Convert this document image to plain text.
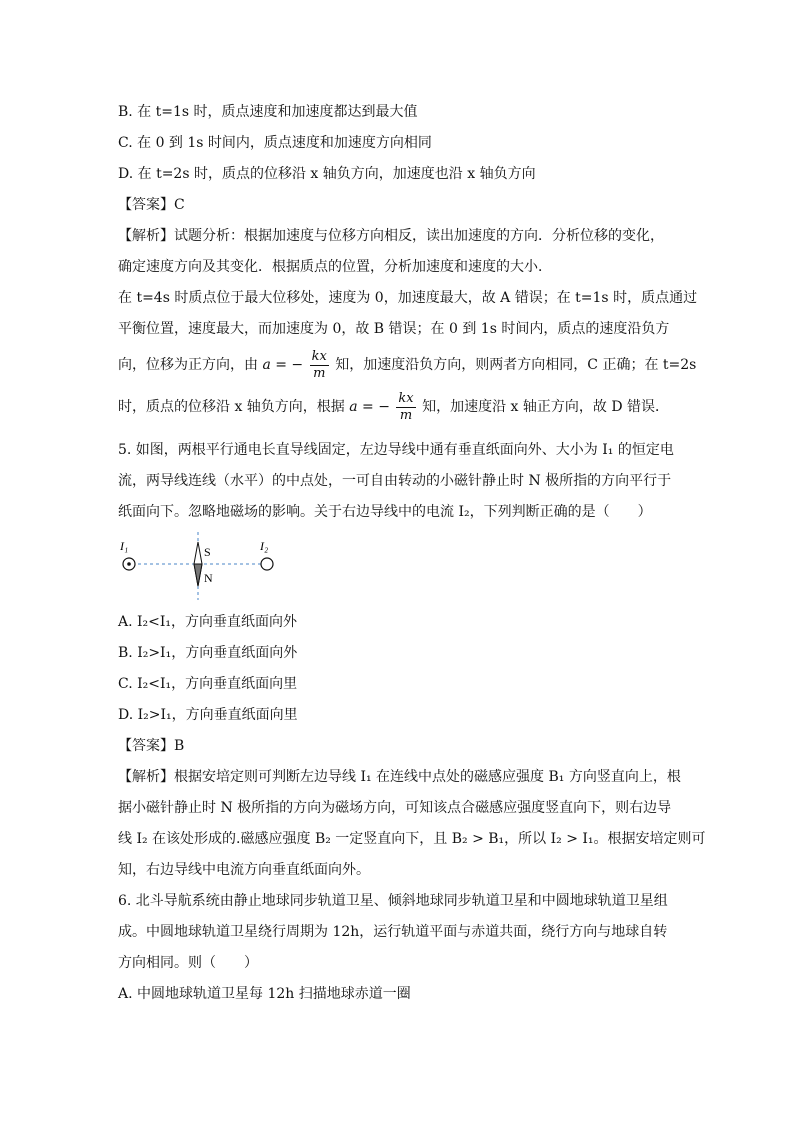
B. 在 t=1s 时，质点速度和加速度都达到最大值
C. 在 0 到 1s 时间内，质点速度和加速度方向相同
D. 在 t=2s 时，质点的位移沿 x 轴负方向，加速度也沿 x 轴负方向
【答案】C
【解析】试题分析：根据加速度与位移方向相反，读出加速度的方向．分析位移的变化，
确定速度方向及其变化．根据质点的位置，分析加速度和速度的大小．
在 t=4s 时质点位于最大位移处，速度为 0，加速度最大，故 A 错误；在 t=1s 时，质点通过
平衡位置，速度最大，而加速度为 0，故 B 错误；在 0 到 1s 时间内，质点的速度沿负方
向，位移为正方向，由 a = − $\frac{kx}{m}$ 知，加速度沿负方向，则两者方向相同，C 正确；在 t=2s
时，质点的位移沿 x 轴负方向，根据 a = − $\frac{kx}{m}$ 知，加速度沿 x 轴正方向，故 D 错误．
5. 如图，两根平行通电长直导线固定，左边导线中通有垂直纸面向外、大小为 I₁ 的恒定电
流，两导线连线（水平）的中点处，一可自由转动的小磁针静止时 N 极所指的方向平行于
纸面向下。忽略地磁场的影响。关于右边导线中的电流 I₂，下列判断正确的是（　　）
I₁	I₂
S
N
A. I₂<I₁，方向垂直纸面向外
B. I₂>I₁，方向垂直纸面向外
C. I₂<I₁，方向垂直纸面向里
D. I₂>I₁，方向垂直纸面向里
【答案】B
【解析】根据安培定则可判断左边导线 I₁ 在连线中点处的磁感应强度 B₁ 方向竖直向上，根
据小磁针静止时 N 极所指的方向为磁场方向，可知该点合磁感应强度竖直向下，则右边导
线 I₂ 在该处形成的.磁感应强度 B₂ 一定竖直向下，且 B₂ > B₁，所以 I₂ > I₁。根据安培定则可
知，右边导线中电流方向垂直纸面向外。
6. 北斗导航系统由静止地球同步轨道卫星、倾斜地球同步轨道卫星和中圆地球轨道卫星组
成。中圆地球轨道卫星绕行周期为 12h，运行轨道平面与赤道共面，绕行方向与地球自转
方向相同。则（　　）
A. 中圆地球轨道卫星每 12h 扫描地球赤道一圈
